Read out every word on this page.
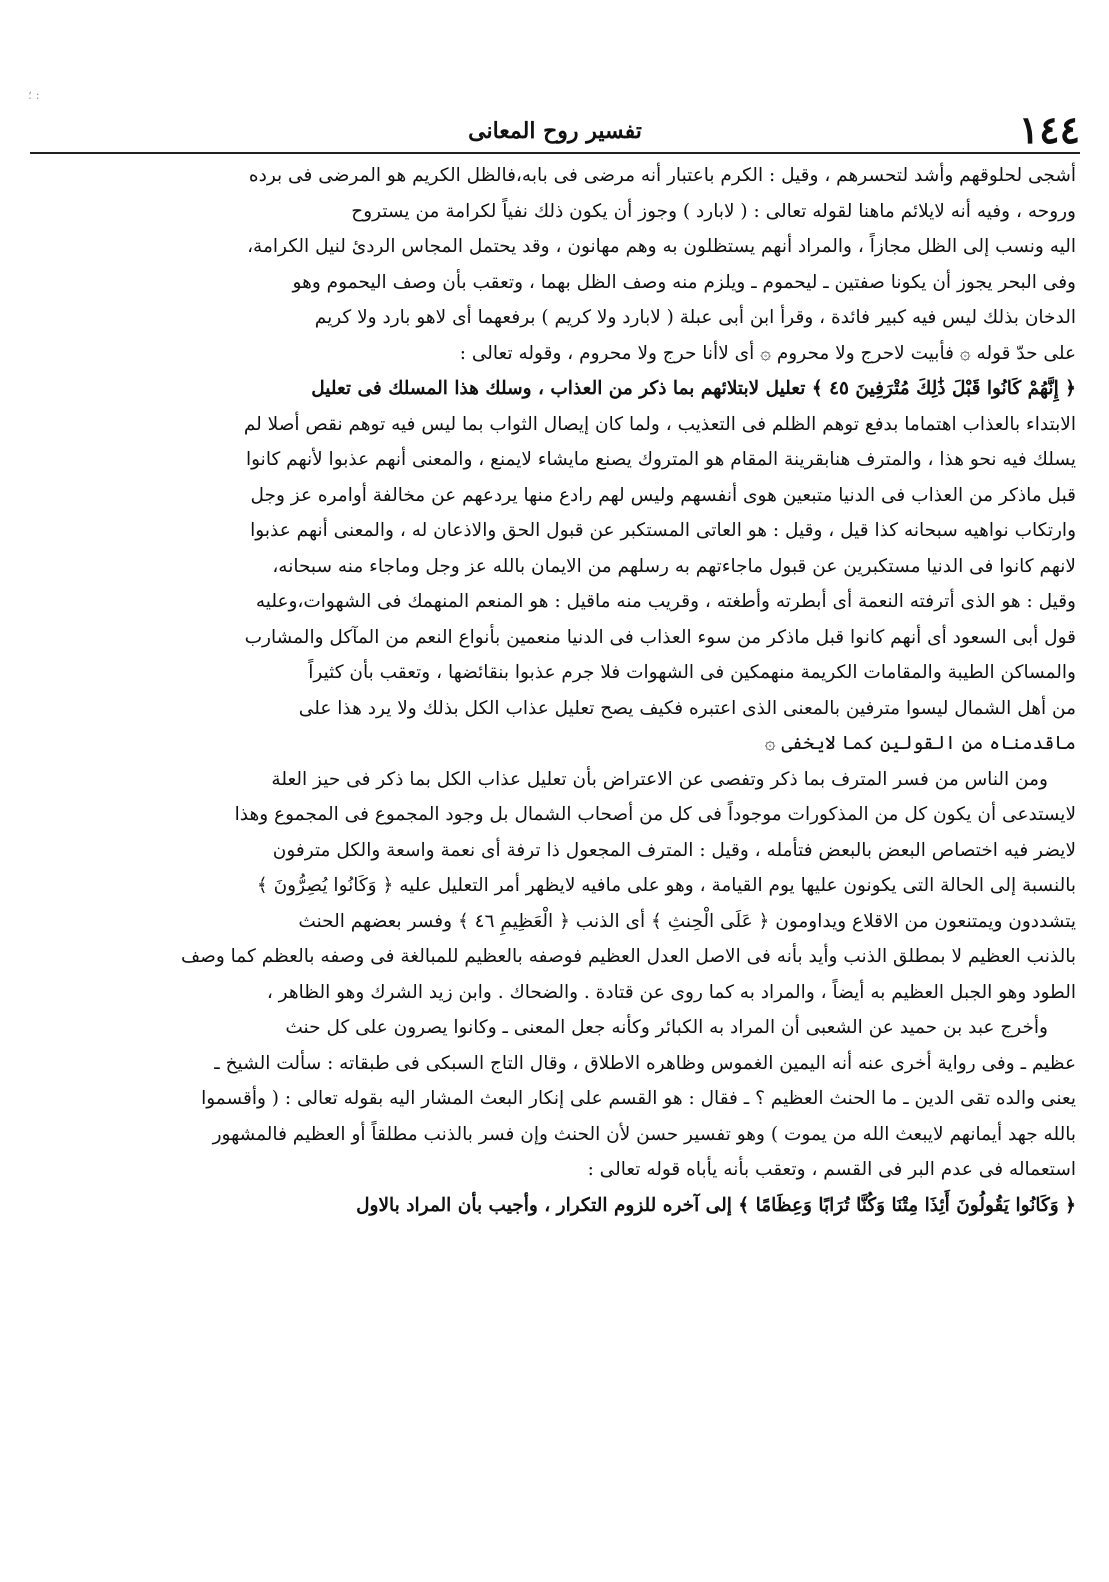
؛ :
١٤٤
تفسير روح المعانى
أشجى لحلوقهم وأشد لتحسرهم ، وقيل : الكرم باعتبار أنه مرضى فى بابه،فالظل الكريم هو المرضى فى برده
وروحه ، وفيه أنه لايلائم ماهنا لقوله تعالى : ( لابارد ) وجوز أن يكون ذلك نفياً لكرامة من يستروح
اليه ونسب إلى الظل مجازاً ، والمراد أنهم يستظلون به وهم مهانون ، وقد يحتمل المجاس الردئ لنيل الكرامة،
وفى البحر يجوز أن يكونا صفتين ـ ليحموم ـ ويلزم منه وصف الظل بهما ، وتعقب بأن وصف اليحموم وهو
الدخان بذلك ليس فيه كبير فائدة ، وقرأ ابن أبى عبلة ( لابارد ولا كريم ) برفعهما أى لاهو بارد ولا كريم
على حدّ قوله ۞ فأبيت لاحرج ولا محروم ۞ أى لاأنا حرج ولا محروم ، وقوله تعالى :
﴿ إِنَّهُمْ كَانُوا قَبْلَ ذَٰلِكَ مُتْرَفِينَ ٤٥ ﴾ تعليل لابتلائهم بما ذكر من العذاب ، وسلك هذا المسلك فى تعليل
الابتداء بالعذاب اهتماما بدفع توهم الظلم فى التعذيب ، ولما كان إيصال الثواب بما ليس فيه توهم نقص أصلا لم
يسلك فيه نحو هذا ، والمترف هنابقرينة المقام هو المتروك يصنع مايشاء لايمنع ، والمعنى أنهم عذبوا لأنهم كانوا
قبل ماذكر من العذاب فى الدنيا متبعين هوى أنفسهم وليس لهم رادع منها يردعهم عن مخالفة أوامره عز وجل
وارتكاب نواهيه سبحانه كذا قيل ، وقيل : هو العاتى المستكبر عن قبول الحق والاذعان له ، والمعنى أنهم عذبوا
لانهم كانوا فى الدنيا مستكبرين عن قبول ماجاءتهم به رسلهم من الايمان بالله عز وجل وماجاء منه سبحانه،
وقيل : هو الذى أترفته النعمة أى أبطرته وأطغته ، وقريب منه ماقيل : هو المنعم المنهمك فى الشهوات،وعليه
قول أبى السعود أى أنهم كانوا قبل ماذكر من سوء العذاب فى الدنيا منعمين بأنواع النعم من المآكل والمشارب
والمساكن الطيبة والمقامات الكريمة منهمكين فى الشهوات فلا جرم عذبوا بنقائضها ، وتعقب بأن كثيراً
من أهل الشمال ليسوا مترفين بالمعنى الذى اعتبره فكيف يصح تعليل عذاب الكل بذلك ولا يرد هذا على
ماقدمناه من القولين كما لايخفى ۞
ومن الناس من فسر المترف بما ذكر وتفصى عن الاعتراض بأن تعليل عذاب الكل بما ذكر فى حيز العلة
لايستدعى أن يكون كل من المذكورات موجوداً فى كل من أصحاب الشمال بل وجود المجموع فى المجموع وهذا
لايضر فيه اختصاص البعض بالبعض فتأمله ، وقيل : المترف المجعول ذا ترفة أى نعمة واسعة والكل مترفون
بالنسبة إلى الحالة التى يكونون عليها يوم القيامة ، وهو على مافيه لايظهر أمر التعليل عليه ﴿ وَكَانُوا يُصِرُّونَ ﴾
يتشددون ويمتنعون من الاقلاع ويداومون ﴿ عَلَى الْحِنثِ ﴾ أى الذنب ﴿ الْعَظِيمِ ٤٦ ﴾ وفسر بعضهم الحنث
بالذنب العظيم لا بمطلق الذنب وأيد بأنه فى الاصل العدل العظيم فوصفه بالعظيم للمبالغة فى وصفه بالعظم كما وصف
الطود وهو الجبل العظيم به أيضاً ، والمراد به كما روى عن قتادة . والضحاك . وابن زيد الشرك وهو الظاهر ،
وأخرج عبد بن حميد عن الشعبى أن المراد به الكبائر وكأنه جعل المعنى ـ وكانوا يصرون على كل حنث
عظيم ـ وفى رواية أخرى عنه أنه اليمين الغموس وظاهره الاطلاق ، وقال التاج السبكى فى طبقاته : سألت الشيخ ـ
يعنى والده تقى الدين ـ ما الحنث العظيم ؟ ـ فقال : هو القسم على إنكار البعث المشار اليه بقوله تعالى : ( وأقسموا
بالله جهد أيمانهم لايبعث الله من يموت ) وهو تفسير حسن لأن الحنث وإن فسر بالذنب مطلقاً أو العظيم فالمشهور
استعماله فى عدم البر فى القسم ، وتعقب بأنه يأباه قوله تعالى :
﴿ وَكَانُوا يَقُولُونَ أَئِذَا مِتْنَا وَكُنَّا تُرَابًا وَعِظَامًا ﴾ إلى آخره للزوم التكرار ، وأجيب بأن المراد بالاول
